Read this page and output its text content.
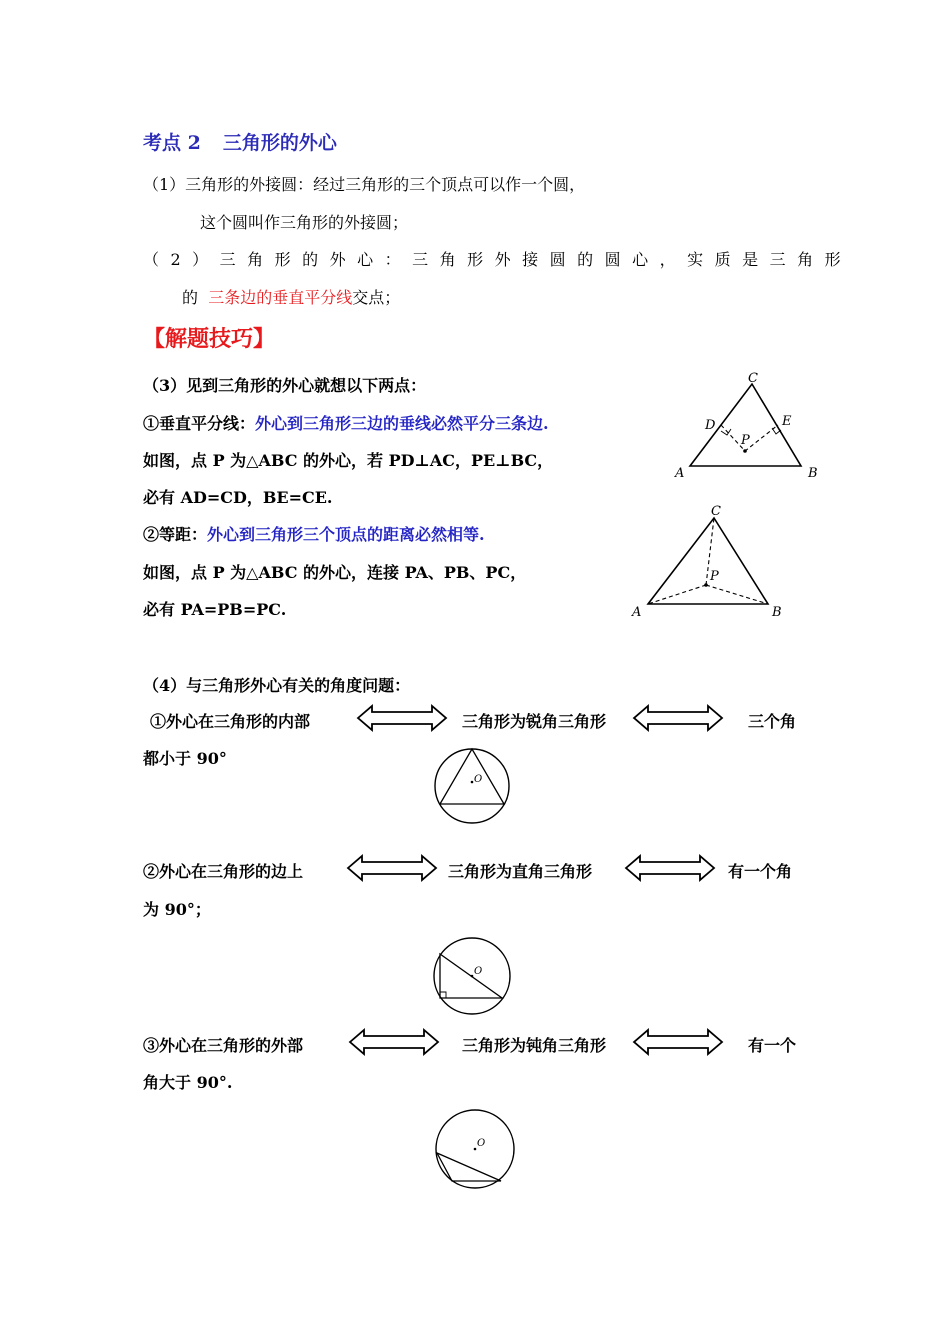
考点 2 三角形的外心
（1）三角形的外接圆：经过三角形的三个顶点可以作一个圆，
这个圆叫作三角形的外接圆；
（2）三角形的外心：三角形外接圆的圆心，实质是三角形
的 三条边的垂直平分线交点；
【解题技巧】
（3）见到三角形的外心就想以下两点：
①垂直平分线：外心到三角形三边的垂线必然平分三条边.
如图，点 P 为△ABC 的外心，若 PD⊥AC，PE⊥BC，
必有 AD=CD，BE=CE.
②等距：外心到三角形三个顶点的距离必然相等.
如图，点 P 为△ABC 的外心，连接 PA、PB、PC，
必有 PA=PB=PC.
C
A	B
D	E
P
C
A	B
P
（4）与三角形外心有关的角度问题：
①外心在三角形的内部	三角形为锐角三角形	三个角
都小于 90°
O
②外心在三角形的边上	三角形为直角三角形	有一个角
为 90°；
O
③外心在三角形的外部	三角形为钝角三角形	有一个
角大于 90°.
O
